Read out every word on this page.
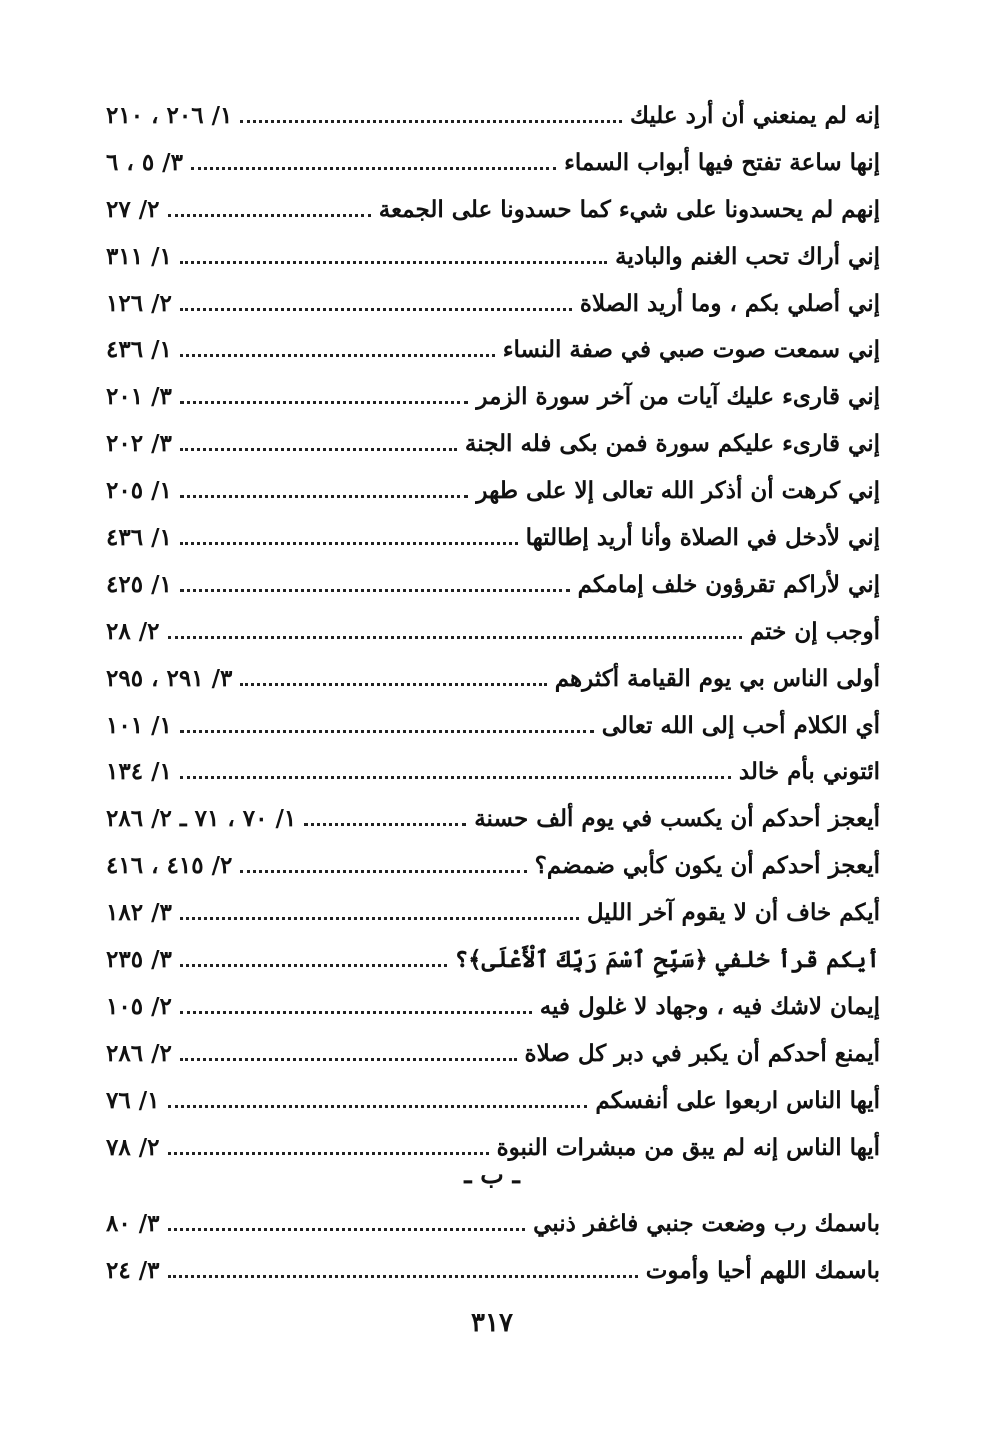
إنه لم يمنعني أن أرد عليك
١/ ٢٠٦ ، ٢١٠
إنها ساعة تفتح فيها أبواب السماء
٣/ ٥ ، ٦
إنهم لم يحسدونا على شيء كما حسدونا على الجمعة
٢/ ٢٧
إني أراك تحب الغنم والبادية
١/ ٣١١
إني أصلي بكم ، وما أريد الصلاة
٢/ ١٢٦
إني سمعت صوت صبي في صفة النساء
١/ ٤٣٦
إني قارىء عليك آيات من آخر سورة الزمر
٣/ ٢٠١
إني قارىء عليكم سورة فمن بكى فله الجنة
٣/ ٢٠٢
إني كرهت أن أذكر الله تعالى إلا على طهر
١/ ٢٠٥
إني لأدخل في الصلاة وأنا أريد إطالتها
١/ ٤٣٦
إني لأراكم تقرؤون خلف إمامكم
١/ ٤٢٥
أوجب إن ختم
٢/ ٢٨
أولى الناس بي يوم القيامة أكثرهم
٣/ ٢٩١ ، ٢٩٥
أي الكلام أحب إلى الله تعالى
١/ ١٠١
ائتوني بأم خالد
١/ ١٣٤
أيعجز أحدكم أن يكسب في يوم ألف حسنة
١/ ٧٠ ، ٧١ ـ ٢/ ٢٨٦
أيعجز أحدكم أن يكون كأبي ضمضم؟
٢/ ٤١٥ ، ٤١٦
أيكم خاف أن لا يقوم آخر الليل
٣/ ١٨٢
أيكم قرأ خلفي ﴿سَبِّحِ ٱسْمَ رَبِّكَ ٱلْأَعْلَى﴾؟
٣/ ٢٣٥
إيمان لاشك فيه ، وجهاد لا غلول فيه
٢/ ١٠٥
أيمنع أحدكم أن يكبر في دبر كل صلاة
٢/ ٢٨٦
أيها الناس اربعوا على أنفسكم
١/ ٧٦
أيها الناس إنه لم يبق من مبشرات النبوة
٢/ ٧٨
ـ ب ـ
باسمك رب وضعت جنبي فاغفر ذنبي
٣/ ٨٠
باسمك اللهم أحيا وأموت
٣/ ٢٤
٣١٧
